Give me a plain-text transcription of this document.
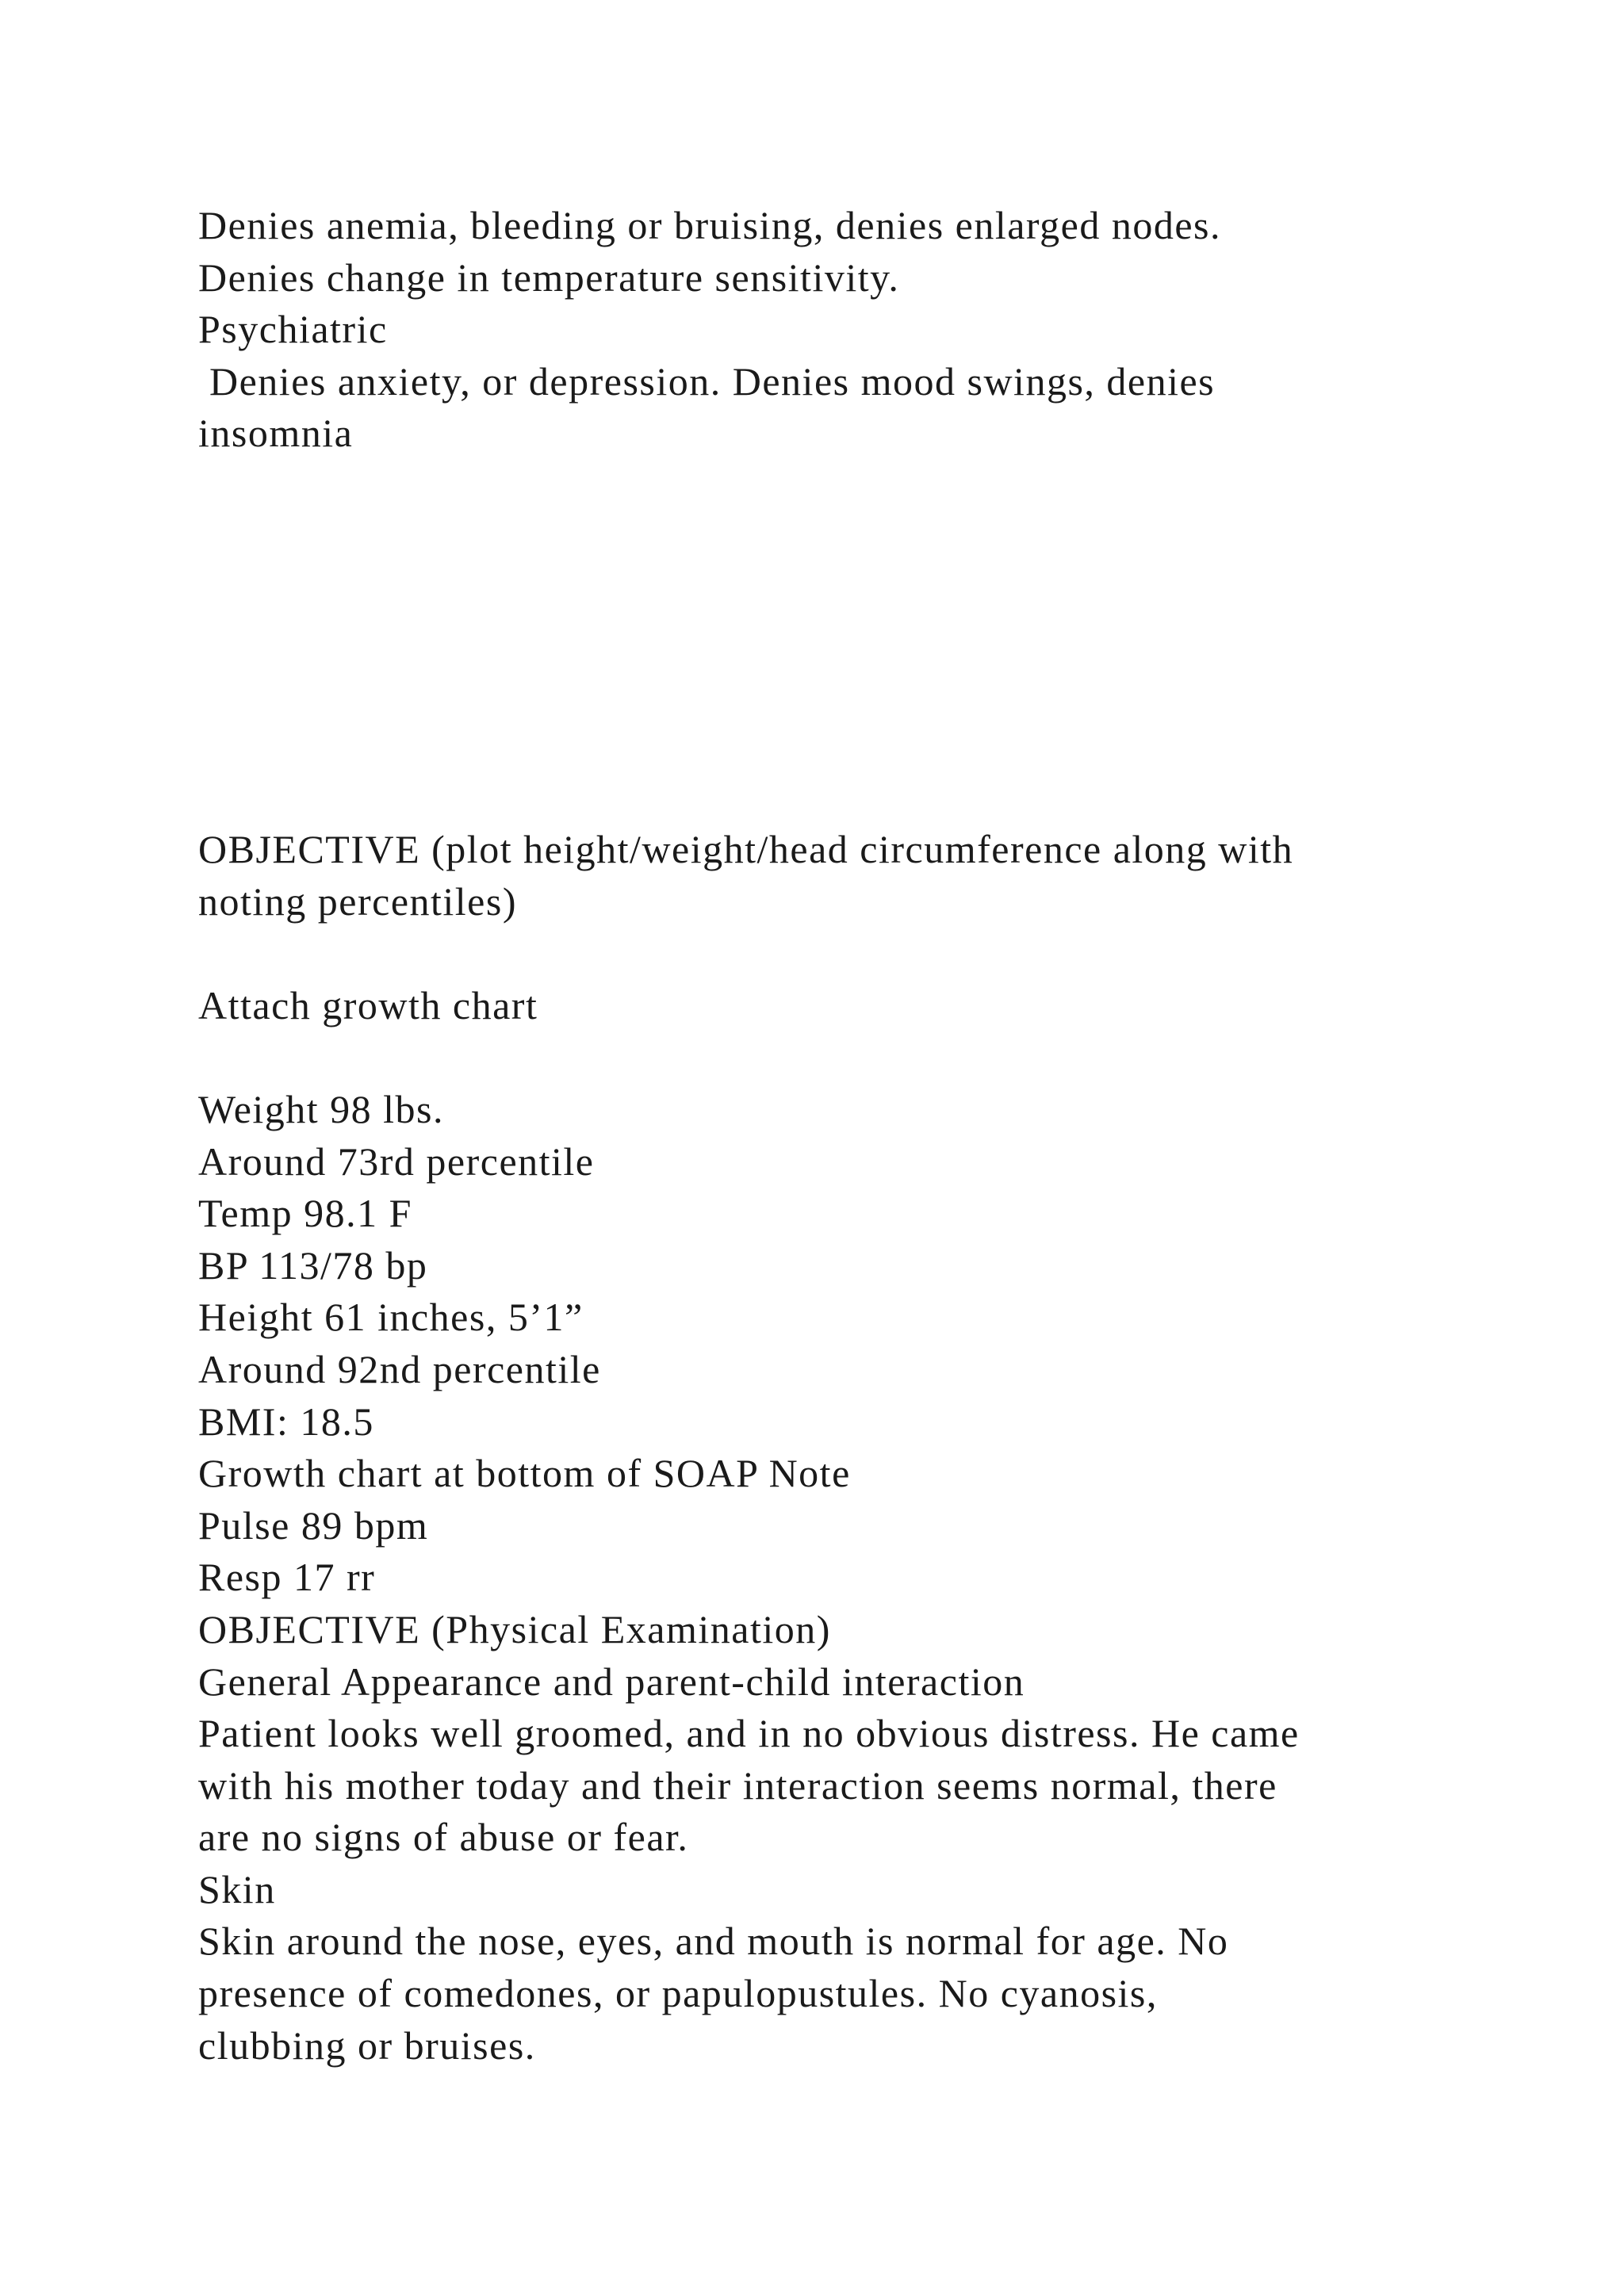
Denies anemia, bleeding or bruising, denies enlarged nodes.
Denies change in temperature sensitivity.
Psychiatric
Denies anxiety, or depression. Denies mood swings, denies
insomnia
OBJECTIVE (plot height/weight/head circumference along with
noting percentiles)
Attach growth chart
Weight 98 lbs.
Around 73rd percentile
Temp 98.1 F
BP 113/78 bp
Height 61 inches, 5’1”
Around 92nd percentile
BMI: 18.5
Growth chart at bottom of SOAP Note
Pulse 89 bpm
Resp 17 rr
OBJECTIVE (Physical Examination)
General Appearance and parent-child interaction
Patient looks well groomed, and in no obvious distress. He came
with his mother today and their interaction seems normal, there
are no signs of abuse or fear.
Skin
Skin around the nose, eyes, and mouth is normal for age. No
presence of comedones, or papulopustules. No cyanosis,
clubbing or bruises.
